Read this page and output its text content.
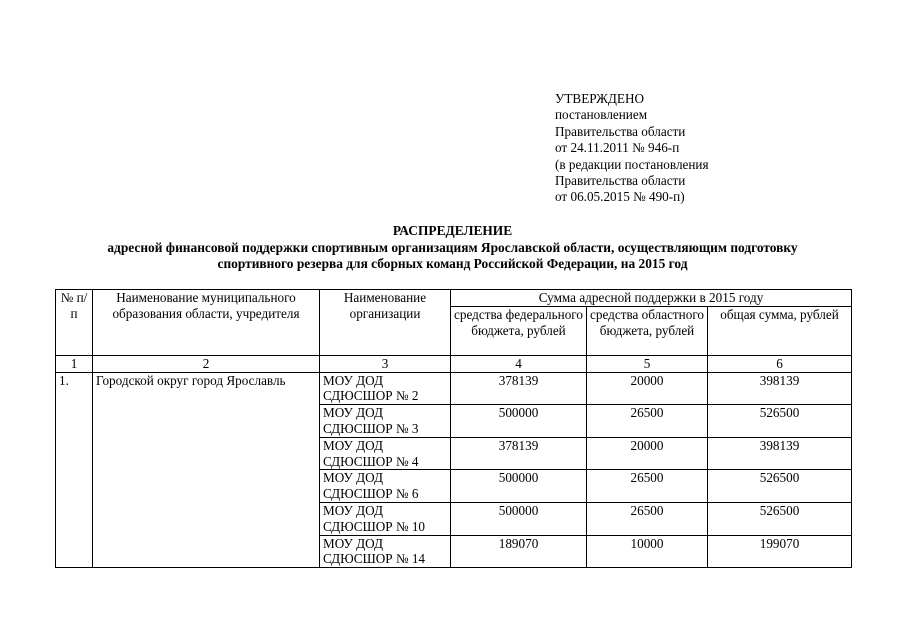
УТВЕРЖДЕНО
постановлением
Правительства области
от 24.11.2011 № 946-п
(в редакции постановления
Правительства области
от 06.05.2015 № 490-п)
РАСПРЕДЕЛЕНИЕ
адресной финансовой поддержки спортивным организациям Ярославской области, осуществляющим подготовку
спортивного резерва для сборных команд Российской Федерации, на 2015 год
№ п/п	Наименование муниципального образования области, учредителя	Наименование организации	Сумма адресной поддержки в 2015 году		
			средства федерального бюджета, рублей	средства областного бюджета, рублей	общая сумма, рублей
1	2	3	4	5	6
1.	Городской округ город Ярославль	МОУ ДОД СДЮСШОР № 2	378139	20000	398139
		МОУ ДОД СДЮСШОР № 3	500000	26500	526500
		МОУ ДОД СДЮСШОР № 4	378139	20000	398139
		МОУ ДОД СДЮСШОР № 6	500000	26500	526500
		МОУ ДОД СДЮСШОР № 10	500000	26500	526500
		МОУ ДОД СДЮСШОР № 14	189070	10000	199070
